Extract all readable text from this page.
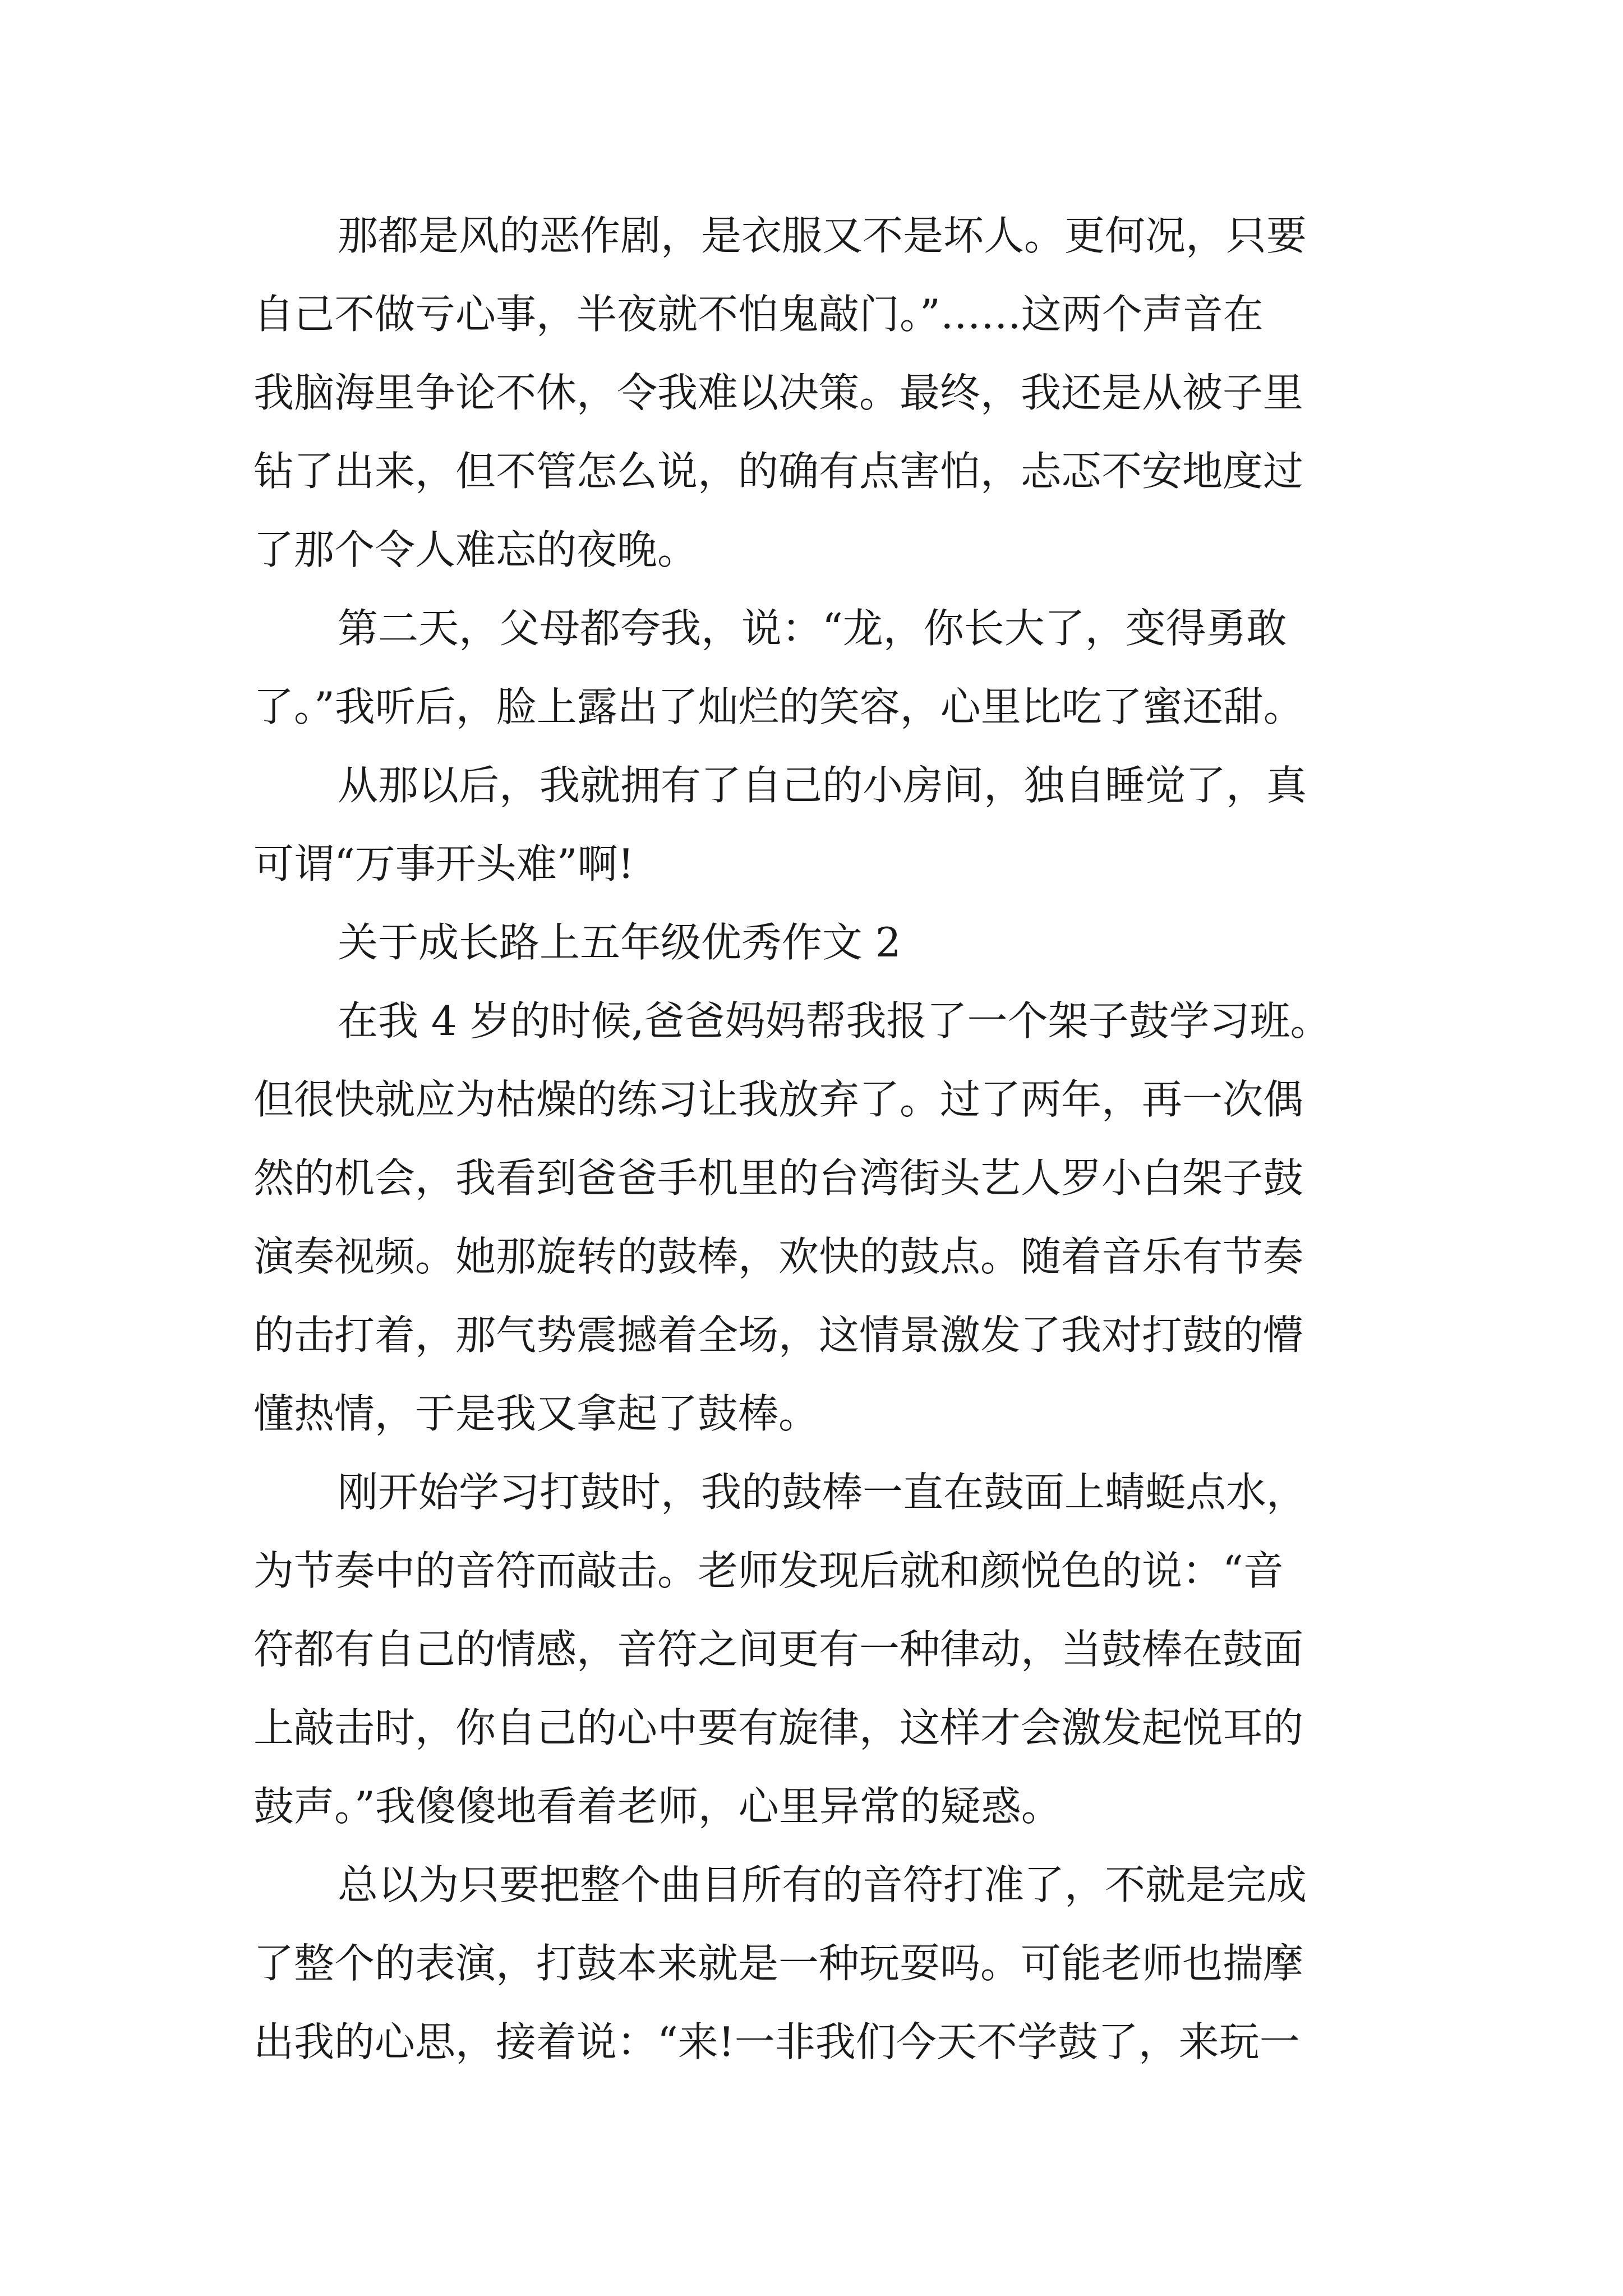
那都是风的恶作剧，是衣服又不是坏人。更何况，只要
自己不做亏心事，半夜就不怕鬼敲门。”……这两个声音在
我脑海里争论不休，令我难以决策。最终，我还是从被子里
钻了出来，但不管怎么说，的确有点害怕，忐忑不安地度过
了那个令人难忘的夜晚。
第二天，父母都夸我，说：“龙，你长大了，变得勇敢
了。”我听后，脸上露出了灿烂的笑容，心里比吃了蜜还甜。
从那以后，我就拥有了自己的小房间，独自睡觉了，真
可谓“万事开头难”啊!
关于成长路上五年级优秀作文 2
在我 4 岁的时候,爸爸妈妈帮我报了一个架子鼓学习班。
但很快就应为枯燥的练习让我放弃了。过了两年，再一次偶
然的机会，我看到爸爸手机里的台湾街头艺人罗小白架子鼓
演奏视频。她那旋转的鼓棒，欢快的鼓点。随着音乐有节奏
的击打着，那气势震撼着全场，这情景激发了我对打鼓的懵
懂热情，于是我又拿起了鼓棒。
刚开始学习打鼓时，我的鼓棒一直在鼓面上蜻蜓点水，
为节奏中的音符而敲击。老师发现后就和颜悦色的说：“音
符都有自己的情感，音符之间更有一种律动，当鼓棒在鼓面
上敲击时，你自己的心中要有旋律，这样才会激发起悦耳的
鼓声。”我傻傻地看着老师，心里异常的疑惑。
总以为只要把整个曲目所有的音符打准了，不就是完成
了整个的表演，打鼓本来就是一种玩耍吗。可能老师也揣摩
出我的心思，接着说：“来!一非我们今天不学鼓了，来玩一
